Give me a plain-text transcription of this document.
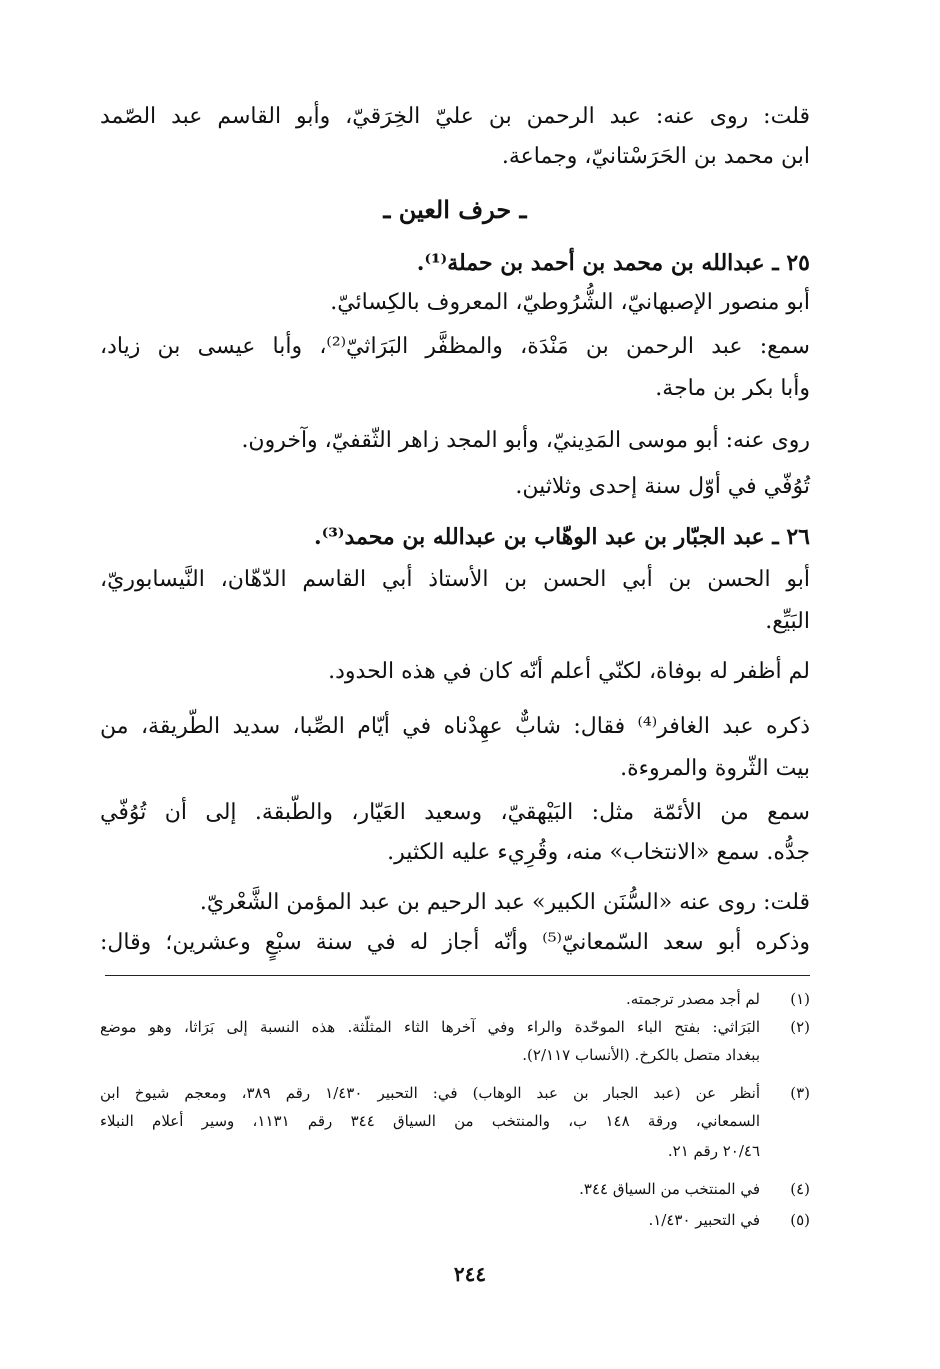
قلت: روى عنه: عبد الرحمن بن عليّ الخِرَقيّ، وأبو القاسم عبد الصّمد
ابن محمد بن الحَرَسْتانيّ، وجماعة.
ـ حرف العين ـ
٢٥ ـ عبدالله بن محمد بن أحمد بن حملة⁽¹⁾.
أبو منصور الإصبهانيّ، الشُّرُوطيّ، المعروف بالكِسائيّ.
سمع: عبد الرحمن بن مَنْدَة، والمظفَّر البَرَاثيّ⁽²⁾، وأبا عيسى بن زياد،
وأبا بكر بن ماجة.
روى عنه: أبو موسى المَدِينيّ، وأبو المجد زاهر الثّقفيّ، وآخرون.
تُوُفّي في أوّل سنة إحدى وثلاثين.
٢٦ ـ عبد الجبّار بن عبد الوهّاب بن عبدالله بن محمد⁽³⁾.
أبو الحسن بن أبي الحسن بن الأستاذ أبي القاسم الدّهّان، النَّيسابوريّ،
البَيِّع.
لم أظفر له بوفاة، لكنّي أعلم أنّه كان في هذه الحدود.
ذكره عبد الغافر⁽⁴⁾ فقال: شابٌّ عهِدْناه في أيّام الصِّبا، سديد الطّريقة، من
بيت الثّروة والمروءة.
سمع من الأئمّة مثل: البَيْهقيّ، وسعيد العَيّار، والطّبقة. إلى أن تُوُفّي
جدُّه. سمع «الانتخاب» منه، وقُرِيء عليه الكثير.
قلت: روى عنه «السُّنَن الكبير» عبد الرحيم بن عبد المؤمن الشَّعْريّ.
وذكره أبو سعد السّمعانيّ⁽⁵⁾ وأنّه أجاز له في سنة سبْعٍ وعشرين؛ وقال:
(١)
لم أجد مصدر ترجمته.
(٢)
البَرَاثي: بفتح الباء الموحّدة والراء وفي آخرها الثاء المثلّثة. هذه النسبة إلى بَرَاثا، وهو موضع
ببغداد متصل بالكرخ. (الأنساب ٢/١١٧).
(٣)
أنظر عن (عبد الجبار بن عبد الوهاب) في: التحبير ١/٤٣٠ رقم ٣٨٩، ومعجم شيوخ ابن
السمعاني، ورقة ١٤٨ ب، والمنتخب من السياق ٣٤٤ رقم ١١٣١، وسير أعلام النبلاء
٢٠/٤٦ رقم ٢١.
(٤)
في المنتخب من السياق ٣٤٤.
(٥)
في التحبير ١/٤٣٠.
٢٤٤
